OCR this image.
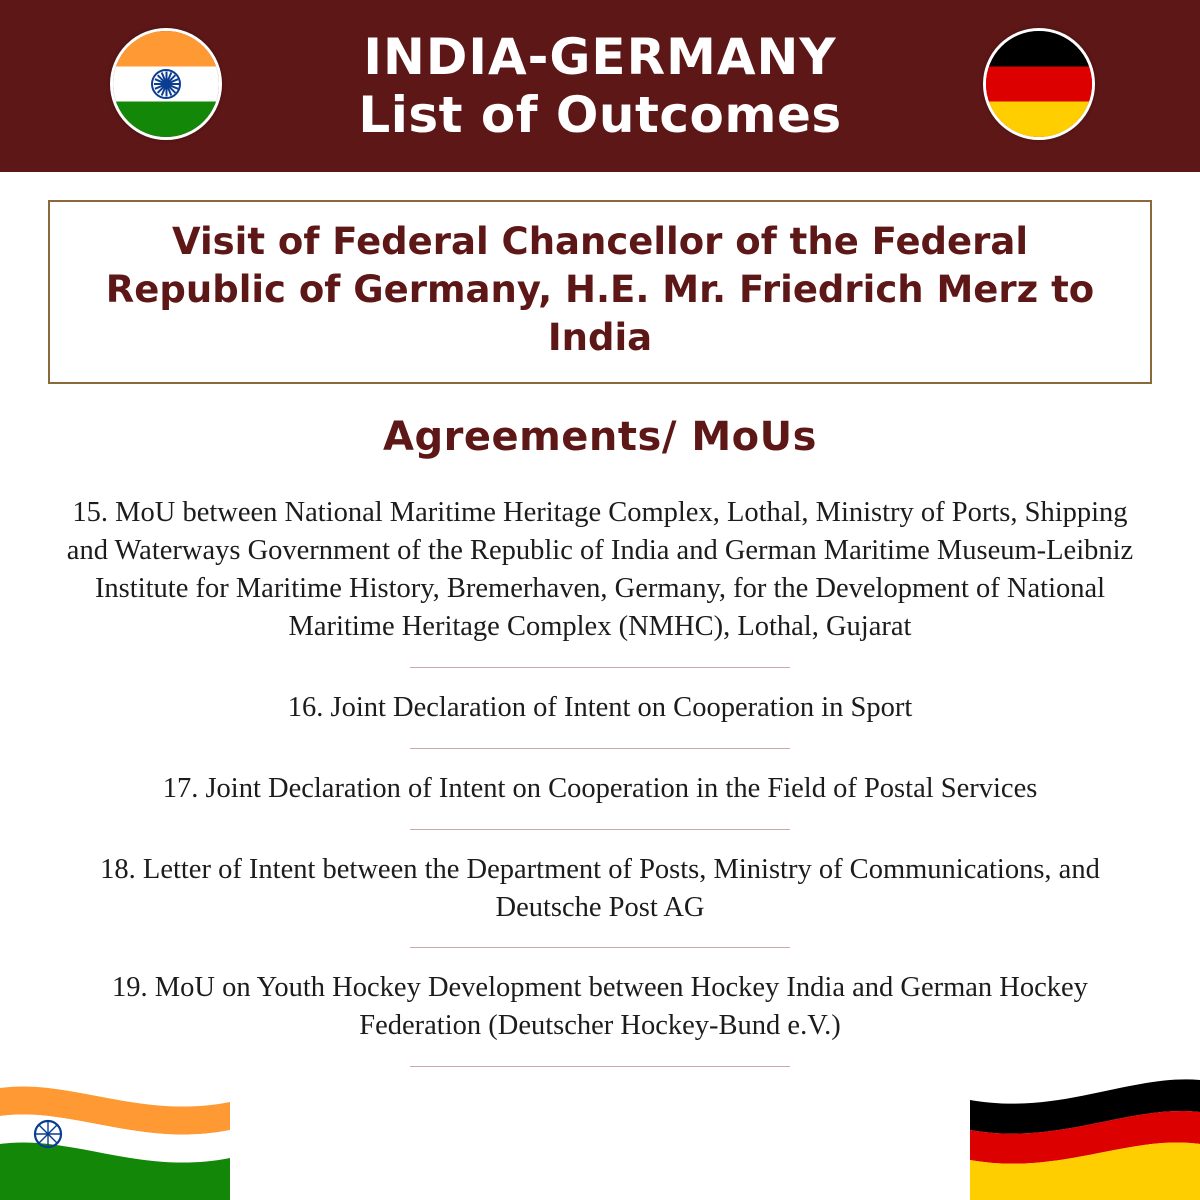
INDIA-GERMANY
List of Outcomes
Visit of Federal Chancellor of the Federal Republic of Germany, H.E. Mr. Friedrich Merz to India
Agreements/ MoUs
15. MoU between National Maritime Heritage Complex, Lothal, Ministry of Ports, Shipping and Waterways Government of the Republic of India and German Maritime Museum-Leibniz Institute for Maritime History, Bremerhaven, Germany, for the Development of National Maritime Heritage Complex (NMHC), Lothal, Gujarat
16. Joint Declaration of Intent on Cooperation in Sport
17. Joint Declaration of Intent on Cooperation in the Field of Postal Services
18. Letter of Intent between the Department of Posts, Ministry of Communications, and Deutsche Post AG
19. MoU on Youth Hockey Development between Hockey India and German Hockey Federation (Deutscher Hockey-Bund e.V.)
